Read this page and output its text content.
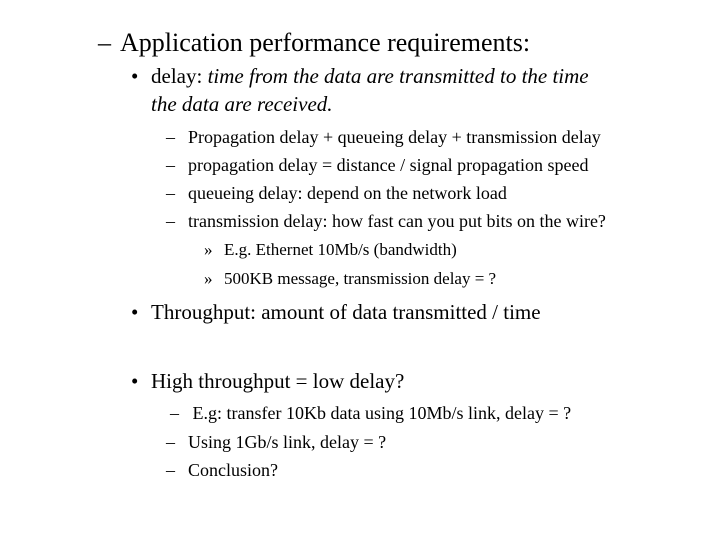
– Application performance requirements:
• delay: time from the data are transmitted to the time
the data are received.
– Propagation delay + queueing delay + transmission delay
– propagation delay = distance / signal propagation speed
– queueing delay: depend on the network load
– transmission delay: how fast can you put bits on the wire?
» E.g. Ethernet 10Mb/s (bandwidth)
» 500KB message, transmission delay = ?
• Throughput: amount of data transmitted / time
• High throughput = low delay?
– E.g: transfer 10Kb data using 10Mb/s link, delay = ?
– Using 1Gb/s link, delay = ?
– Conclusion?
